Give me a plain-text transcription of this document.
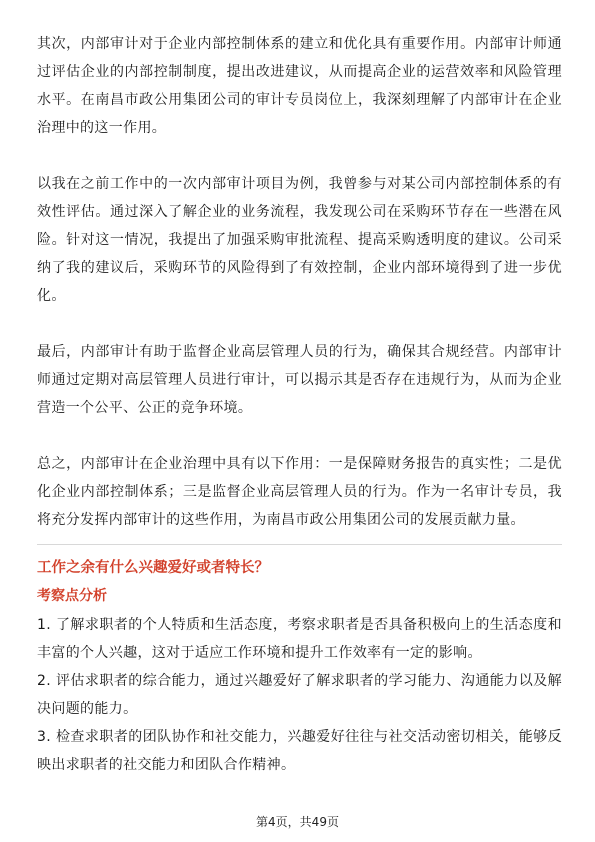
其次，内部审计对于企业内部控制体系的建立和优化具有重要作用。内部审计师通过评估企业的内部控制制度，提出改进建议，从而提高企业的运营效率和风险管理水平。在南昌市政公用集团公司的审计专员岗位上，我深刻理解了内部审计在企业治理中的这一作用。

以我在之前工作中的一次内部审计项目为例，我曾参与对某公司内部控制体系的有效性评估。通过深入了解企业的业务流程，我发现公司在采购环节存在一些潜在风险。针对这一情况，我提出了加强采购审批流程、提高采购透明度的建议。公司采纳了我的建议后，采购环节的风险得到了有效控制，企业内部环境得到了进一步优化。

最后，内部审计有助于监督企业高层管理人员的行为，确保其合规经营。内部审计师通过定期对高层管理人员进行审计，可以揭示其是否存在违规行为，从而为企业营造一个公平、公正的竞争环境。

总之，内部审计在企业治理中具有以下作用：一是保障财务报告的真实性；二是优化企业内部控制体系；三是监督企业高层管理人员的行为。作为一名审计专员，我将充分发挥内部审计的这些作用，为南昌市政公用集团公司的发展贡献力量。

工作之余有什么兴趣爱好或者特长？
考察点分析
1. 了解求职者的个人特质和生活态度，考察求职者是否具备积极向上的生活态度和丰富的个人兴趣，这对于适应工作环境和提升工作效率有一定的影响。
2. 评估求职者的综合能力，通过兴趣爱好了解求职者的学习能力、沟通能力以及解决问题的能力。
3. 检查求职者的团队协作和社交能力，兴趣爱好往往与社交活动密切相关，能够反映出求职者的社交能力和团队合作精神。
第4页，共49页
